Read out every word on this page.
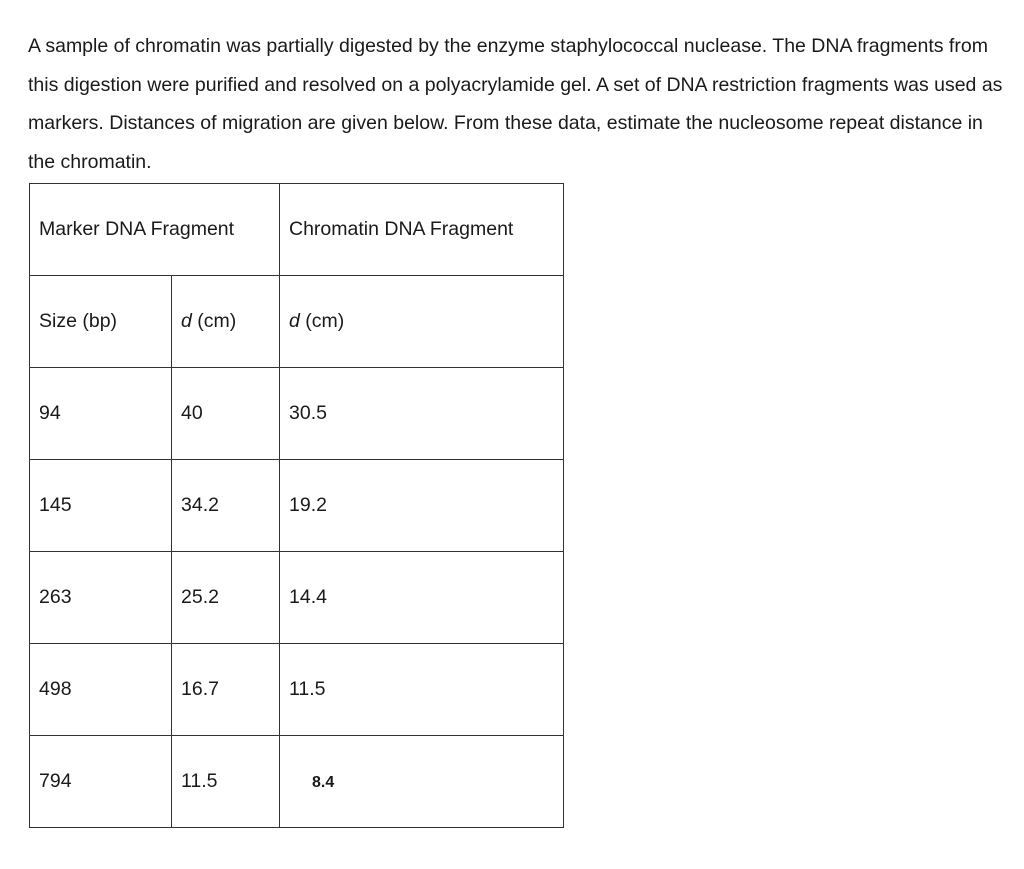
A sample of chromatin was partially digested by the enzyme staphylococcal nuclease. The DNA fragments from this digestion were purified and resolved on a polyacrylamide gel. A set of DNA restriction fragments was used as markers. Distances of migration are given below. From these data, estimate the nucleosome repeat distance in the chromatin.

Marker DNA Fragment		Chromatin DNA Fragment
Size (bp)	d (cm)	d (cm)
94	40	30.5
145	34.2	19.2
263	25.2	14.4
498	16.7	11.5
794	11.5	8.4
